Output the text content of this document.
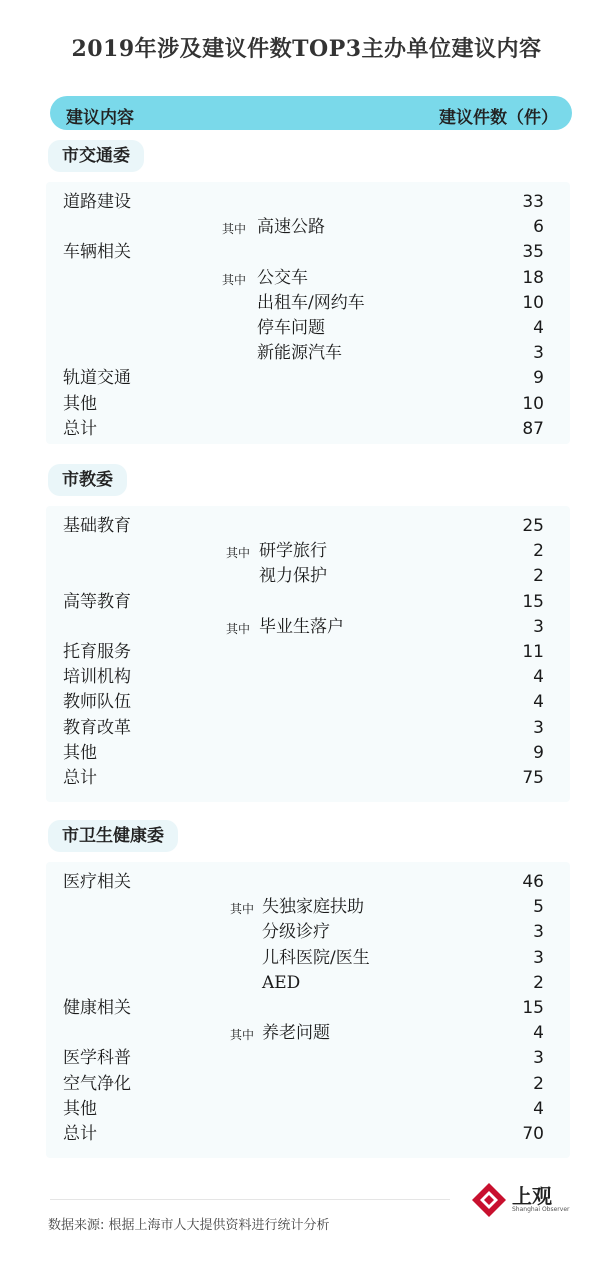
2019年涉及建议件数TOP3主办单位建议内容
建议内容	建议件数（件）
市交通委
道路建设	33
其中 高速公路	6
车辆相关	35
其中 公交车	18
出租车/网约车	10
停车问题	4
新能源汽车	3
轨道交通	9
其他	10
总计	87
市教委
基础教育	25
其中 研学旅行	2
视力保护	2
高等教育	15
其中 毕业生落户	3
托育服务	11
培训机构	4
教师队伍	4
教育改革	3
其他	9
总计	75
市卫生健康委
医疗相关	46
其中 失独家庭扶助	5
分级诊疗	3
儿科医院/医生	3
AED	2
健康相关	15
其中 养老问题	4
医学科普	3
空气净化	2
其他	4
总计	70
数据来源: 根据上海市人大提供资料进行统计分析
上观
Shanghai Observer
